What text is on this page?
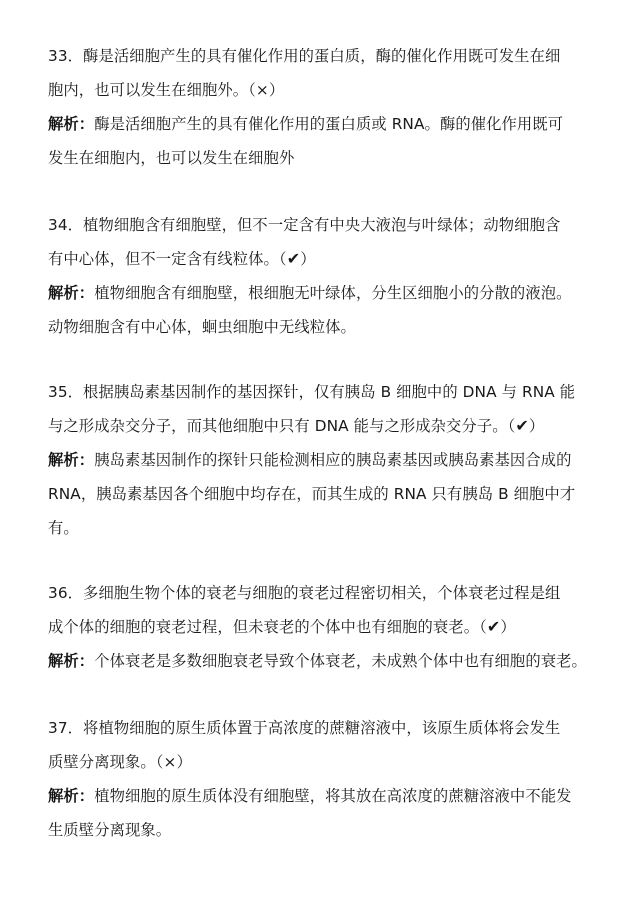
33．酶是活细胞产生的具有催化作用的蛋白质，酶的催化作用既可发生在细
胞内，也可以发生在细胞外。（×）
解析：酶是活细胞产生的具有催化作用的蛋白质或 RNA。酶的催化作用既可
发生在细胞内，也可以发生在细胞外
34．植物细胞含有细胞壁，但不一定含有中央大液泡与叶绿体；动物细胞含
有中心体，但不一定含有线粒体。（✔）
解析：植物细胞含有细胞壁，根细胞无叶绿体，分生区细胞小的分散的液泡。
动物细胞含有中心体，蛔虫细胞中无线粒体。
35．根据胰岛素基因制作的基因探针，仅有胰岛 B 细胞中的 DNA 与 RNA 能
与之形成杂交分子，而其他细胞中只有 DNA 能与之形成杂交分子。（✔）
解析：胰岛素基因制作的探针只能检测相应的胰岛素基因或胰岛素基因合成的
RNA，胰岛素基因各个细胞中均存在，而其生成的 RNA 只有胰岛 B 细胞中才
有。
36．多细胞生物个体的衰老与细胞的衰老过程密切相关，个体衰老过程是组
成个体的细胞的衰老过程，但未衰老的个体中也有细胞的衰老。（✔）
解析：个体衰老是多数细胞衰老导致个体衰老，未成熟个体中也有细胞的衰老。
37．将植物细胞的原生质体置于高浓度的蔗糖溶液中，该原生质体将会发生
质壁分离现象。（×）
解析：植物细胞的原生质体没有细胞壁，将其放在高浓度的蔗糖溶液中不能发
生质壁分离现象。
